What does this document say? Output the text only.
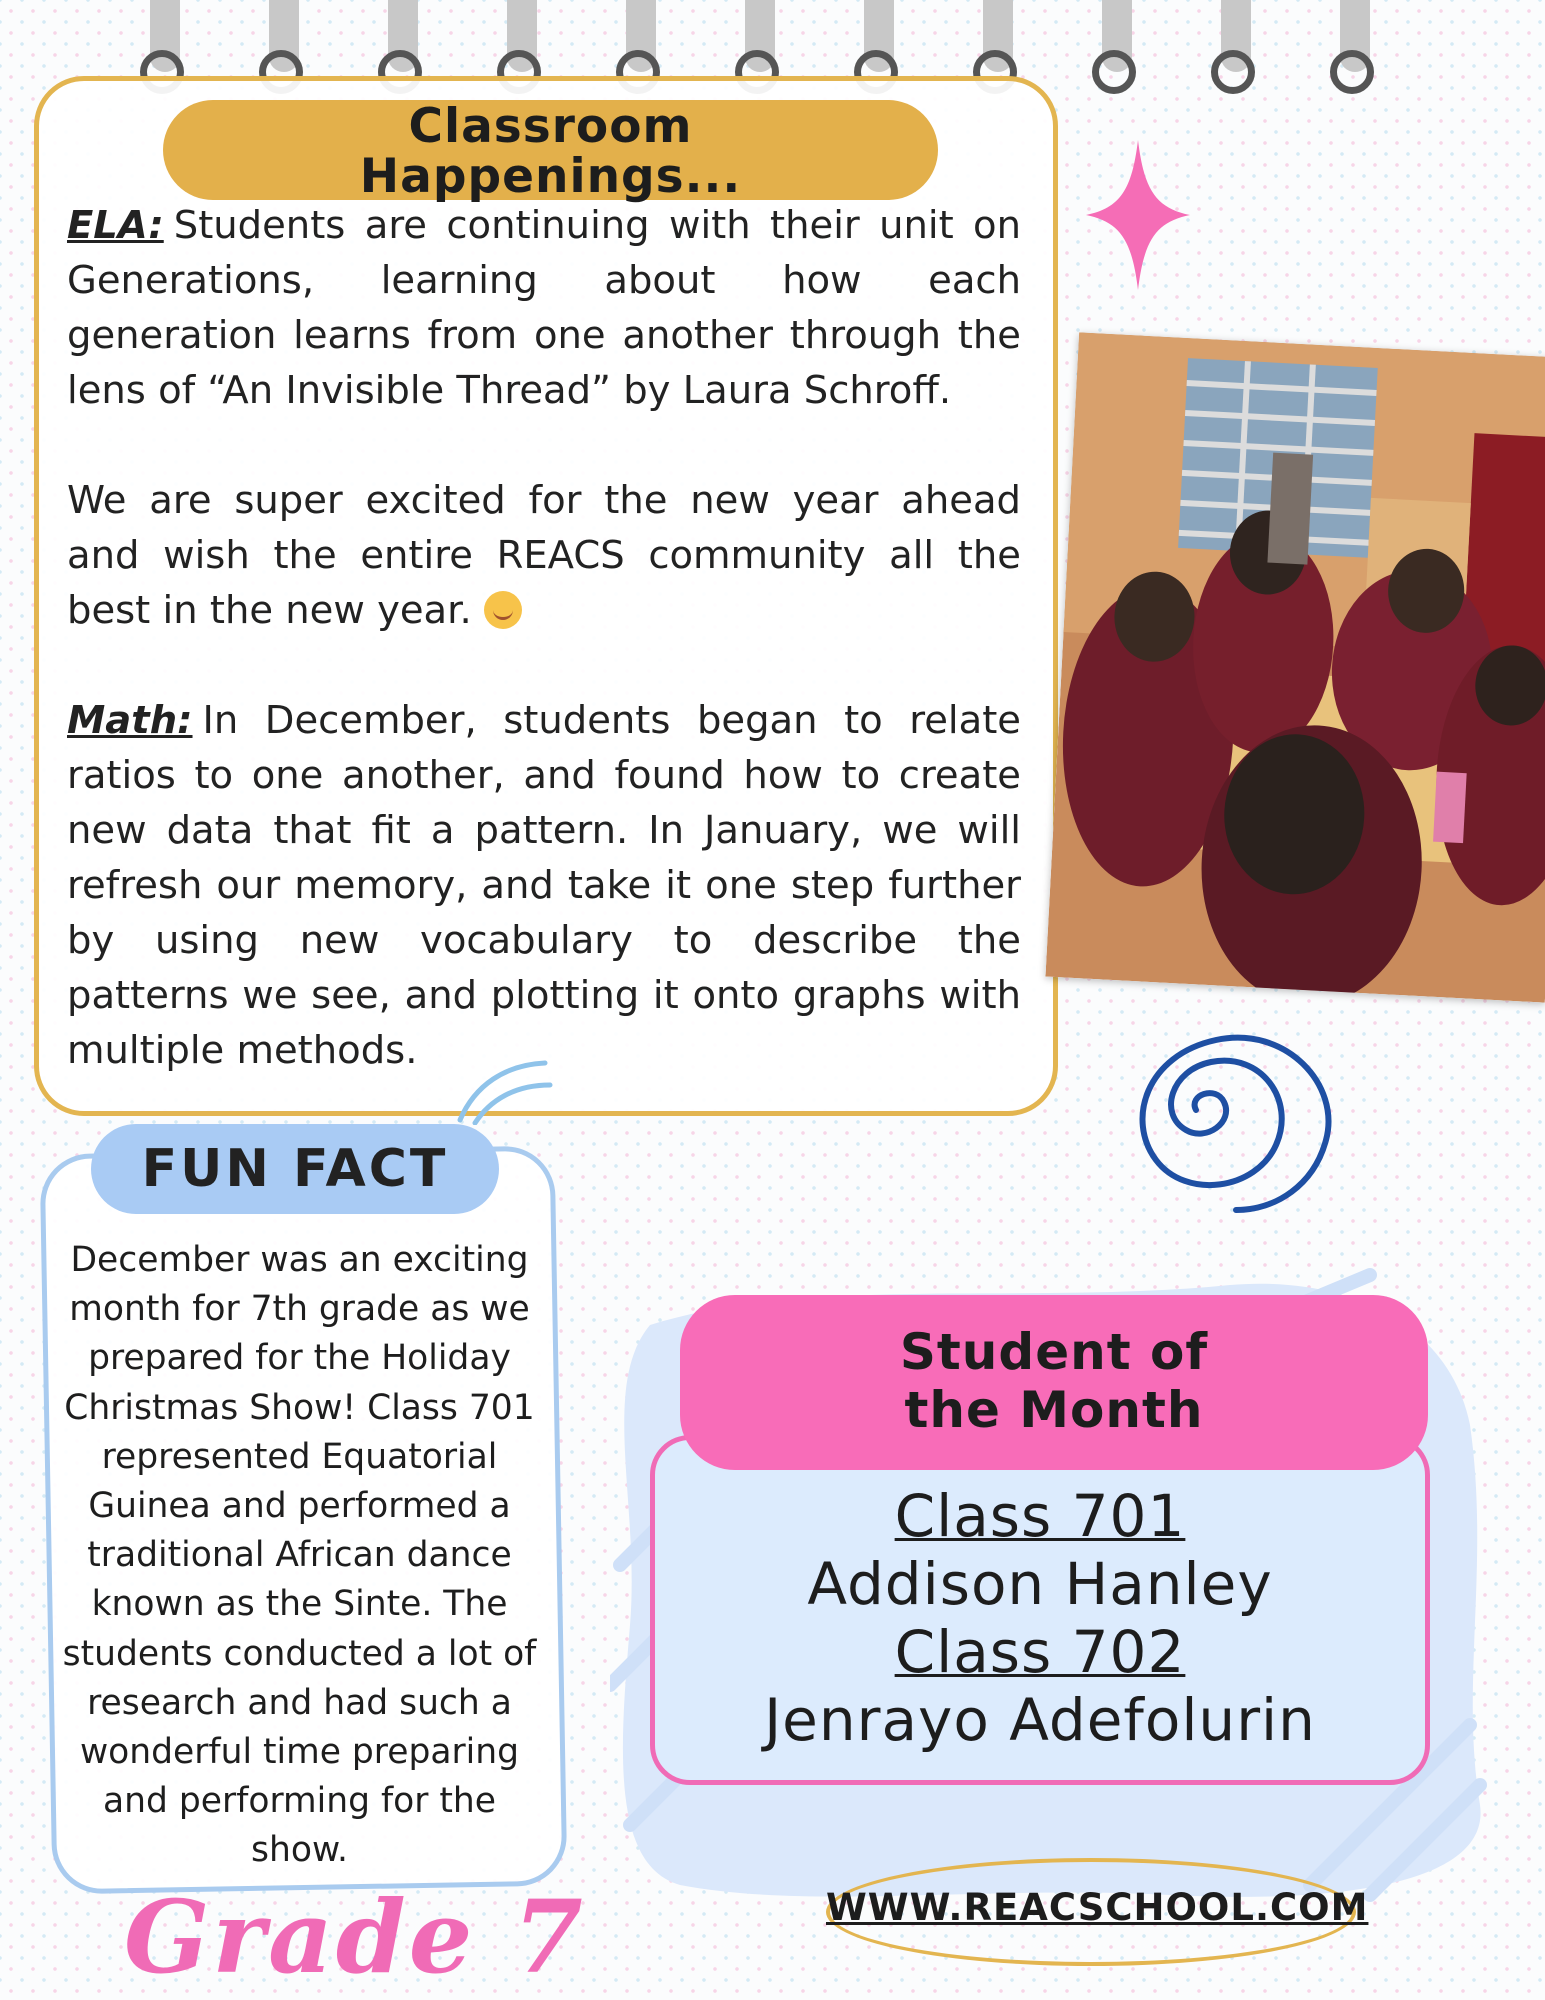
Classroom
Happenings...

ELA: Students are continuing with their unit on Generations, learning about how each generation learns from one another through the lens of “An Invisible Thread” by Laura Schroff.

We are super excited for the new year ahead and wish the entire REACS community all the best in the new year.

Math: In December, students began to relate ratios to one another, and found how to create new data that fit a pattern. In January, we will refresh our memory, and take it one step further by using new vocabulary to describe the patterns we see, and plotting it onto graphs with multiple methods.

FUN FACT
December was an exciting month for 7th grade as we prepared for the Holiday Christmas Show! Class 701 represented Equatorial Guinea and performed a traditional African dance known as the Sinte. The students conducted a lot of research and had such a wonderful time preparing and performing for the show.
Student of
the Month
Class 701
Addison Hanley
Class 702
Jenrayo Adefolurin
WWW.REACSCHOOL.COM
Grade 7
